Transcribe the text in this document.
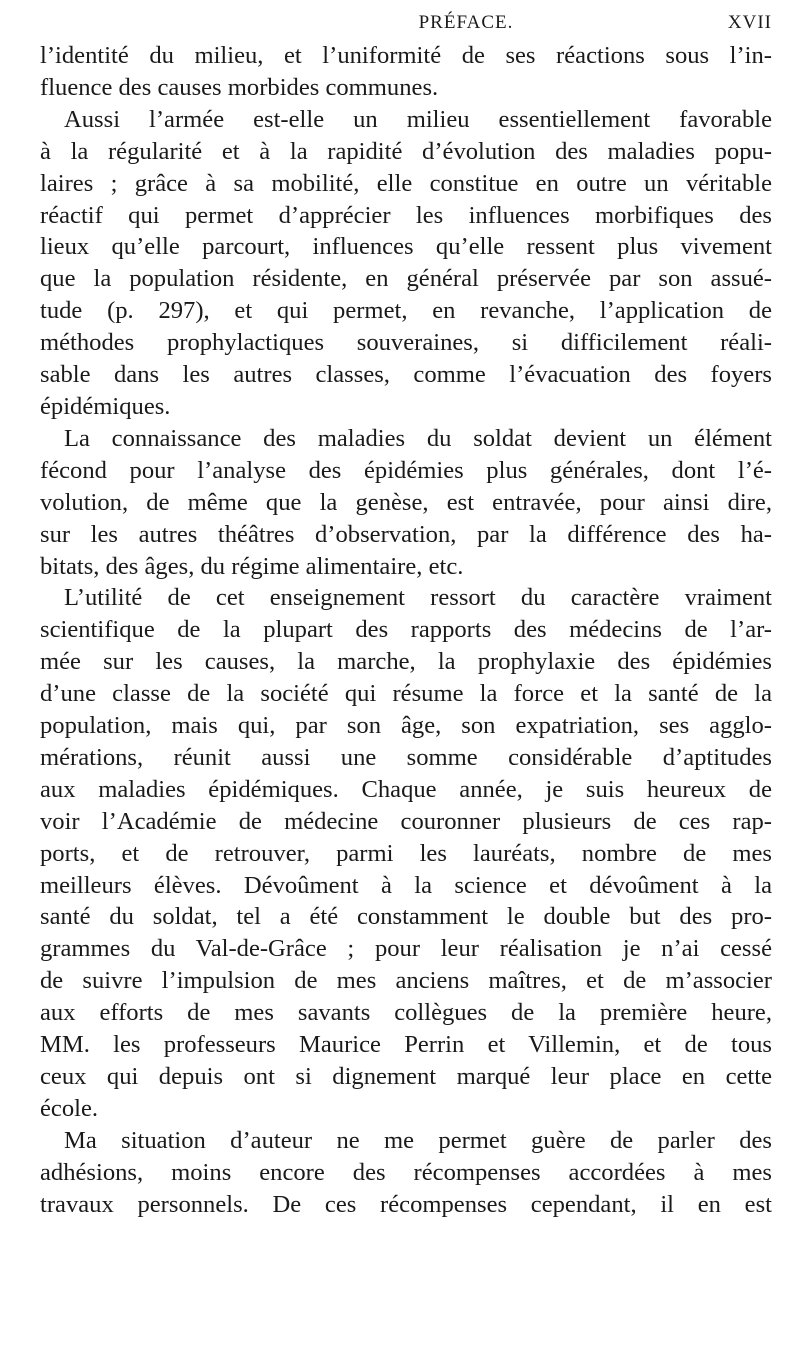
PRÉFACE.	XVII
l’identité du milieu, et l’uniformité de ses réactions sous l’in-
fluence des causes morbides communes.
Aussi l’armée est-elle un milieu essentiellement favorable
à la régularité et à la rapidité d’évolution des maladies popu-
laires ; grâce à sa mobilité, elle constitue en outre un véritable
réactif qui permet d’apprécier les influences morbifiques des
lieux qu’elle parcourt, influences qu’elle ressent plus vivement
que la population résidente, en général préservée par son assué-
tude (p. 297), et qui permet, en revanche, l’application de
méthodes prophylactiques souveraines, si difficilement réali-
sable dans les autres classes, comme l’évacuation des foyers
épidémiques.
La connaissance des maladies du soldat devient un élément
fécond pour l’analyse des épidémies plus générales, dont l’é-
volution, de même que la genèse, est entravée, pour ainsi dire,
sur les autres théâtres d’observation, par la différence des ha-
bitats, des âges, du régime alimentaire, etc.
L’utilité de cet enseignement ressort du caractère vraiment
scientifique de la plupart des rapports des médecins de l’ar-
mée sur les causes, la marche, la prophylaxie des épidémies
d’une classe de la société qui résume la force et la santé de la
population, mais qui, par son âge, son expatriation, ses agglo-
mérations, réunit aussi une somme considérable d’aptitudes
aux maladies épidémiques. Chaque année, je suis heureux de
voir l’Académie de médecine couronner plusieurs de ces rap-
ports, et de retrouver, parmi les lauréats, nombre de mes
meilleurs élèves. Dévoûment à la science et dévoûment à la
santé du soldat, tel a été constamment le double but des pro-
grammes du Val-de-Grâce ; pour leur réalisation je n’ai cessé
de suivre l’impulsion de mes anciens maîtres, et de m’associer
aux efforts de mes savants collègues de la première heure,
MM. les professeurs Maurice Perrin et Villemin, et de tous
ceux qui depuis ont si dignement marqué leur place en cette
école.
Ma situation d’auteur ne me permet guère de parler des
adhésions, moins encore des récompenses accordées à mes
travaux personnels. De ces récompenses cependant, il en est
